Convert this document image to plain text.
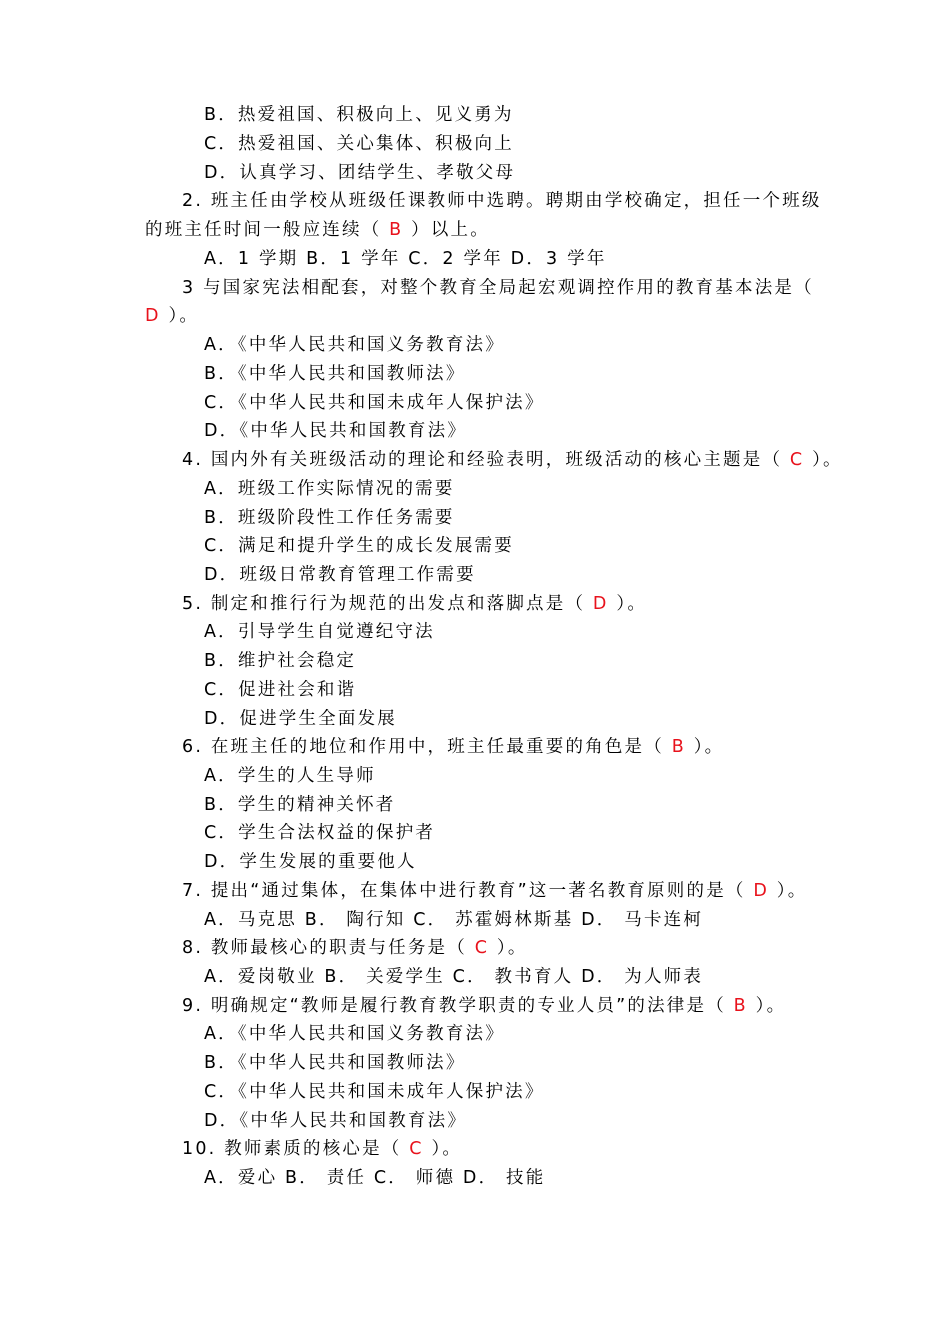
B．热爱祖国、积极向上、见义勇为
C．热爱祖国、关心集体、积极向上
D．认真学习、团结学生、孝敬父母
2. 班主任由学校从班级任课教师中选聘。聘期由学校确定，担任一个班级
的班主任时间一般应连续（ B ）以上。
A．1 学期 B．1 学年 C．2 学年 D．3 学年
3 与国家宪法相配套，对整个教育全局起宏观调控作用的教育基本法是（
D ）。
A．《中华人民共和国义务教育法》
B．《中华人民共和国教师法》
C．《中华人民共和国未成年人保护法》
D．《中华人民共和国教育法》
4. 国内外有关班级活动的理论和经验表明，班级活动的核心主题是（ C ）。
A．班级工作实际情况的需要
B．班级阶段性工作任务需要
C．满足和提升学生的成长发展需要
D．班级日常教育管理工作需要
5. 制定和推行行为规范的出发点和落脚点是（ D ）。
A．引导学生自觉遵纪守法
B．维护社会稳定
C．促进社会和谐
D．促进学生全面发展
6. 在班主任的地位和作用中，班主任最重要的角色是（ B ）。
A．学生的人生导师
B．学生的精神关怀者
C．学生合法权益的保护者
D．学生发展的重要他人
7. 提出“通过集体，在集体中进行教育”这一著名教育原则的是（ D ）。
A．马克思 B． 陶行知 C． 苏霍姆林斯基 D． 马卡连柯
8. 教师最核心的职责与任务是（ C ）。
A．爱岗敬业 B． 关爱学生 C． 教书育人 D． 为人师表
9. 明确规定“教师是履行教育教学职责的专业人员”的法律是（ B ）。
A．《中华人民共和国义务教育法》
B．《中华人民共和国教师法》
C．《中华人民共和国未成年人保护法》
D．《中华人民共和国教育法》
10. 教师素质的核心是（ C ）。
A．爱心 B． 责任 C． 师德 D． 技能
